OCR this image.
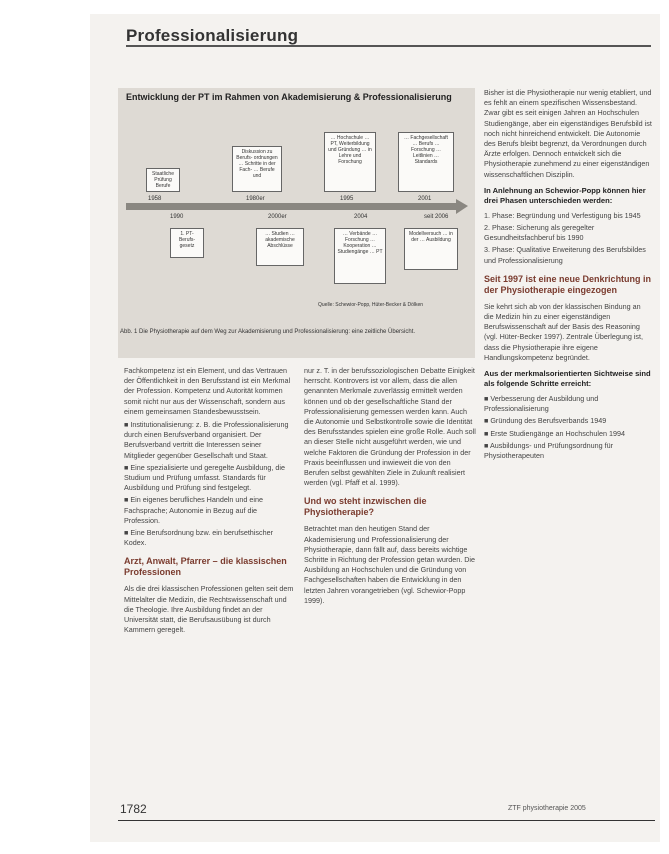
Professionalisierung
Entwicklung der PT im Rahmen von Akademisierung & Professionalisierung
Staatliche Prüfung Berufe
Diskussion zu Berufs- ordnungen … Schritte in der Fach- … Berufe und
… Hochschule … PT, Weiterbildung und Gründung … in Lehre und Forschung
… Fachgesellschaft … Berufs … Forschung … Leitlinien … Standards
1958	1980er	1995	2001
1990	2000er	2004	seit 2006
1. PT- Berufs- gesetz
… Studien … akademische Abschlüsse
… Verbände … Forschung … Kooperation … Studiengänge … PT
Modellversuch … in der … Ausbildung
Quelle: Schewior-Popp, Hüter-Becker & Dölken
Abb. 1 Die Physiotherapie auf dem Weg zur Akademisierung und Professionalisierung: eine zeitliche Übersicht.

Fachkompetenz ist ein Element, und das Vertrauen der Öffentlichkeit in den Berufsstand ist ein Merkmal der Profession. Kompetenz und Autorität kommen somit nicht nur aus der Wissenschaft, sondern aus einem gemeinsamen Standesbewusstsein.

■ Institutionalisierung: z. B. die Professionalisierung durch einen Berufsverband organisiert. Der Berufsverband vertritt die Interessen seiner Mitglieder gegenüber Gesellschaft und Staat.
■ Eine spezialisierte und geregelte Ausbildung, die Studium und Prüfung umfasst. Standards für Ausbildung und Prüfung sind festgelegt.
■ Ein eigenes berufliches Handeln und eine Fachsprache; Autonomie in Bezug auf die Profession.
■ Eine Berufsordnung bzw. ein berufsethischer Kodex.
Arzt, Anwalt, Pfarrer – die klassischen Professionen

Als die drei klassischen Professionen gelten seit dem Mittelalter die Medizin, die Rechtswissenschaft und die Theologie. Ihre Ausbildung findet an der Universität statt, die Berufsausübung ist durch Kammern geregelt.

nur z. T. in der berufssoziologischen Debatte Einigkeit herrscht. Kontrovers ist vor allem, dass die allen genannten Merkmale zuverlässig ermittelt werden können und ob der gesellschaftliche Stand der Professionalisierung gemessen werden kann. Auch die Autonomie und Selbstkontrolle sowie die Identität des Berufsstandes spielen eine große Rolle. Auch soll an dieser Stelle nicht ausgeführt werden, wie und welche Faktoren die Gründung der Profession in der Praxis beeinflussen und inwieweit die von den Berufen selbst gewählten Ziele in Zukunft realisiert werden (vgl. Pfaff et al. 1999).

Und wo steht inzwischen die Physiotherapie?

Betrachtet man den heutigen Stand der Akademisierung und Professionalisierung der Physiotherapie, dann fällt auf, dass bereits wichtige Schritte in Richtung der Profession getan wurden. Die Ausbildung an Hochschulen und die Gründung von Fachgesellschaften haben die Entwicklung in den letzten Jahren vorangetrieben (vgl. Schewior-Popp 1999).

Bisher ist die Physiotherapie nur wenig etabliert, und es fehlt an einem spezifischen Wissensbestand. Zwar gibt es seit einigen Jahren an Hochschulen Studiengänge, aber ein eigenständiges Berufsbild ist noch nicht hinreichend entwickelt. Die Autonomie des Berufs bleibt begrenzt, da Verordnungen durch Ärzte erfolgen. Dennoch entwickelt sich die Physiotherapie zunehmend zu einer eigenständigen wissenschaftlichen Disziplin.

In Anlehnung an Schewior-Popp können hier drei Phasen unterschieden werden:
1. Phase: Begründung und Verfestigung bis 1945
2. Phase: Sicherung als geregelter Gesundheitsfachberuf bis 1990
3. Phase: Qualitative Erweiterung des Berufsbildes und Professionalisierung
Seit 1997 ist eine neue Denkrichtung in der Physiotherapie eingezogen

Sie kehrt sich ab von der klassischen Bindung an die Medizin hin zu einer eigenständigen Berufswissenschaft auf der Basis des Reasoning (vgl. Hüter-Becker 1997). Zentrale Überlegung ist, dass die Physiotherapie ihre eigene Handlungskompetenz begründet.

Aus der merkmalsorientierten Sichtweise sind als folgende Schritte erreicht:
■ Verbesserung der Ausbildung und Professionalisierung
■ Gründung des Berufsverbands 1949
■ Erste Studiengänge an Hochschulen 1994
■ Ausbildungs- und Prüfungsordnung für Physiotherapeuten
1782	ZTF physiotherapie 2005
